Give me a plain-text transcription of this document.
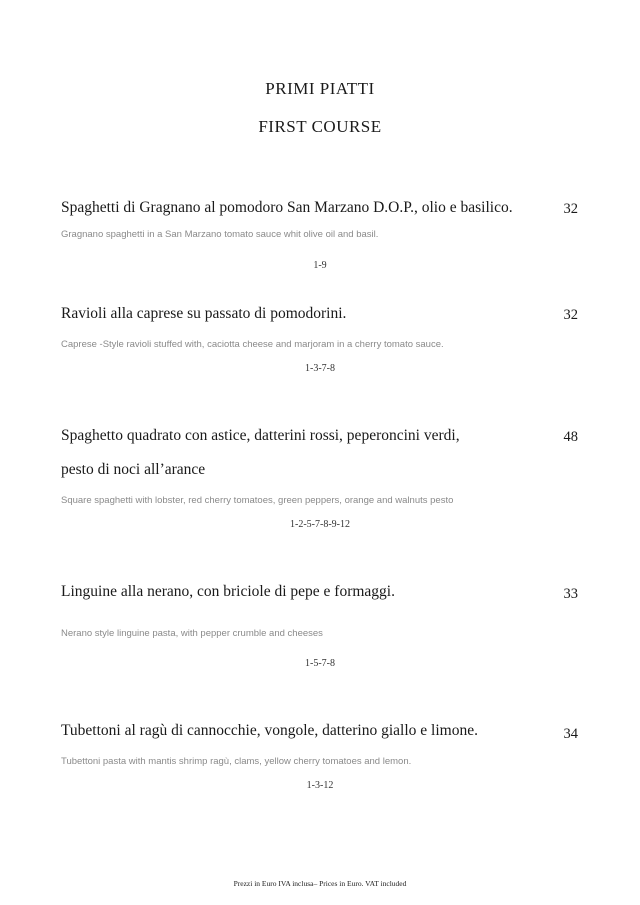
PRIMI PIATTI
FIRST COURSE
Spaghetti di Gragnano al pomodoro San Marzano D.O.P., olio e basilico.	32
Gragnano spaghetti in a San Marzano tomato sauce whit olive oil and basil.
1-9
Ravioli alla caprese su passato di pomodorini.	32
Caprese -Style ravioli stuffed with, caciotta cheese and marjoram in a cherry tomato sauce.
1-3-7-8
Spaghetto quadrato con astice, datterini rossi, peperoncini verdi,	48
pesto di noci all’arance
Square spaghetti with lobster, red cherry tomatoes, green peppers, orange and walnuts pesto
1-2-5-7-8-9-12
Linguine alla nerano, con briciole di pepe e formaggi.	33
Nerano style linguine pasta, with pepper crumble and cheeses
1-5-7-8
Tubettoni al ragù di cannocchie, vongole, datterino giallo e limone.	34
Tubettoni pasta with mantis shrimp ragù, clams, yellow cherry tomatoes and lemon.
1-3-12
Prezzi in Euro IVA inclusa– Prices in Euro. VAT included
